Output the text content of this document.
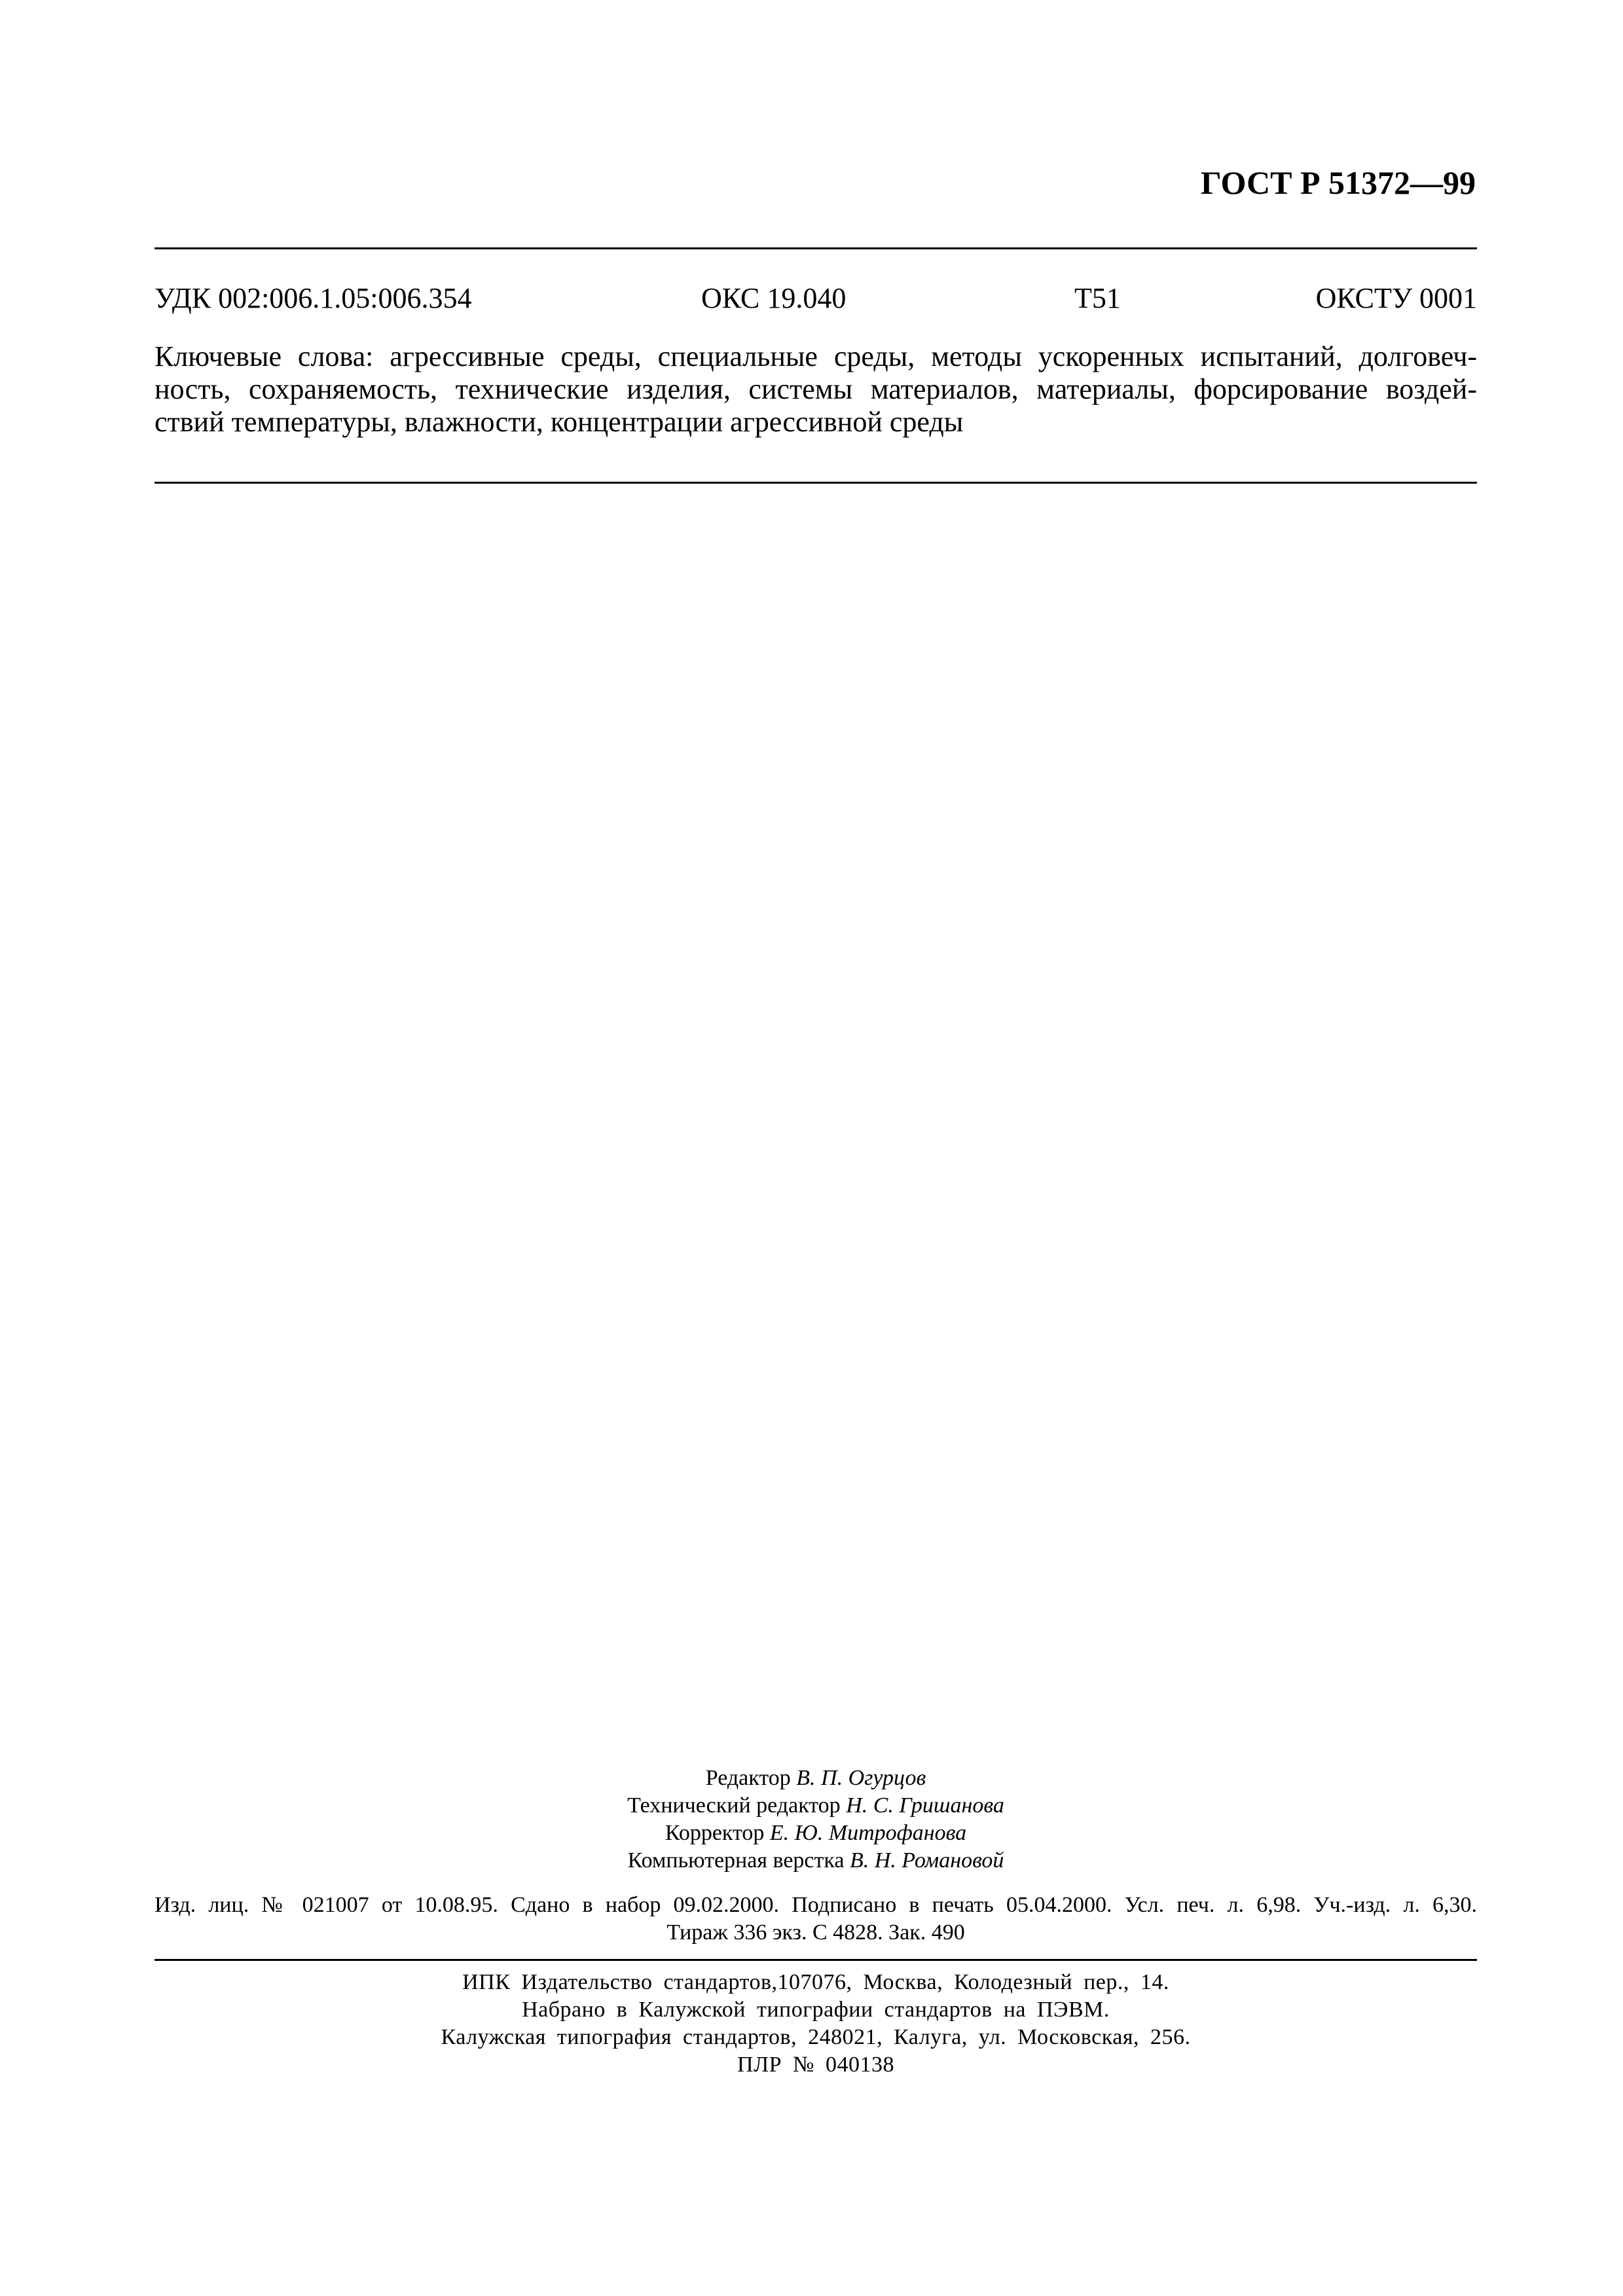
ГОСТ Р 51372—99
УДК 002:006.1.05:006.354	ОКС 19.040	Т51	ОКСТУ 0001
Ключевые слова: агрессивные среды, специальные среды, методы ускоренных испытаний, долговеч-
ность, сохраняемость, технические изделия, системы материалов, материалы, форсирование воздей-
ствий температуры, влажности, концентрации агрессивной среды
Редактор В. П. Огурцов
Технический редактор Н. С. Гришанова
Корректор Е. Ю. Митрофанова
Компьютерная верстка В. Н. Романовой
Изд. лиц. № 021007 от 10.08.95. Сдано в набор 09.02.2000. Подписано в печать 05.04.2000. Усл. печ. л. 6,98. Уч.-изд. л. 6,30.
Тираж 336 экз. С 4828. Зак. 490
ИПК Издательство стандартов,107076, Москва, Колодезный пер., 14.
Набрано в Калужской типографии стандартов на ПЭВМ.
Калужская типография стандартов, 248021, Калуга, ул. Московская, 256.
ПЛР № 040138
